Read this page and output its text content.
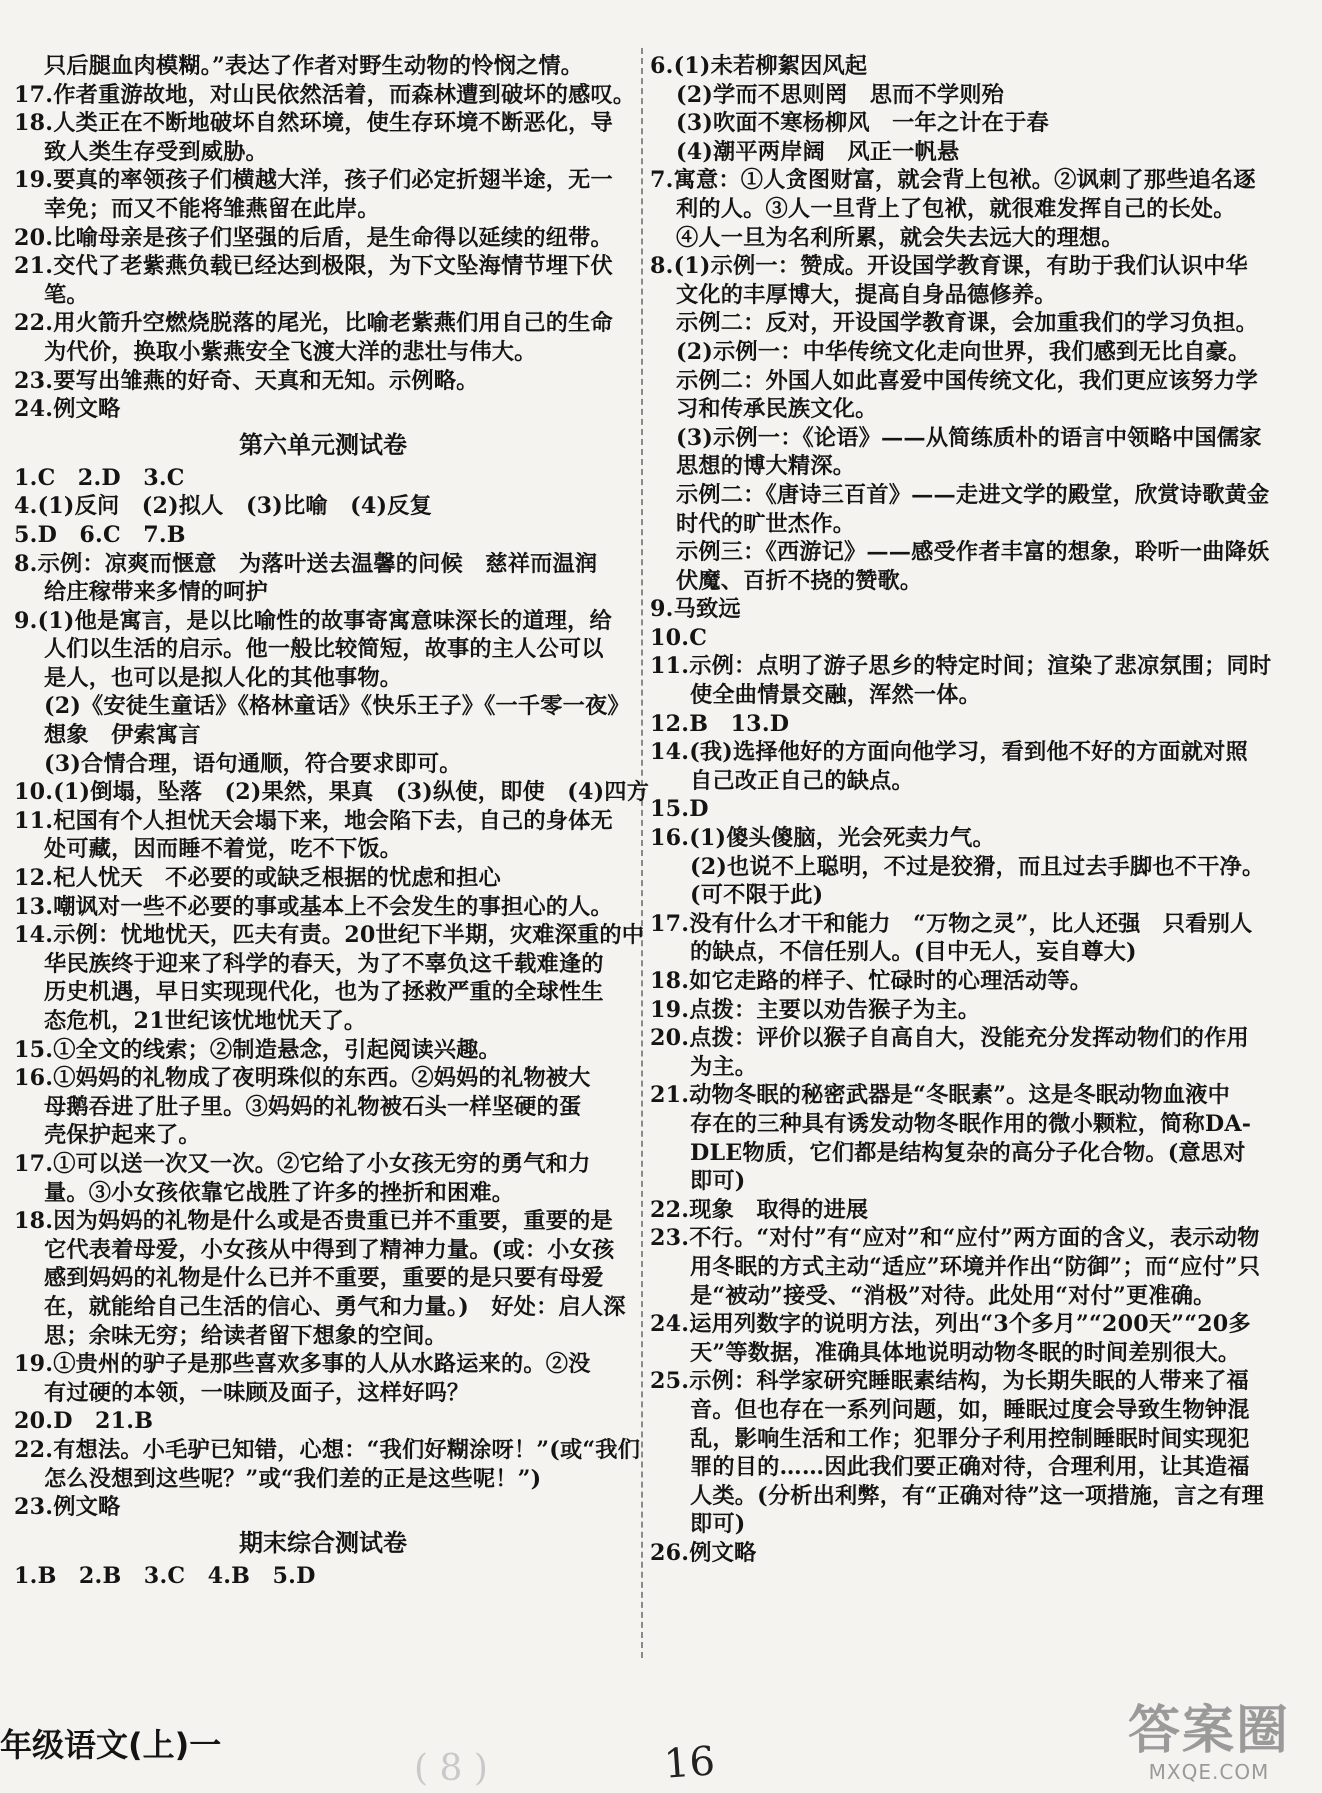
只后腿血肉模糊。”表达了作者对野生动物的怜悯之情。
17.作者重游故地，对山民依然活着，而森林遭到破坏的感叹。
18.人类正在不断地破坏自然环境，使生存环境不断恶化，导
致人类生存受到威胁。
19.要真的率领孩子们横越大洋，孩子们必定折翅半途，无一
幸免；而又不能将雏燕留在此岸。
20.比喻母亲是孩子们坚强的后盾，是生命得以延续的纽带。
21.交代了老紫燕负载已经达到极限，为下文坠海情节埋下伏
笔。
22.用火箭升空燃烧脱落的尾光，比喻老紫燕们用自己的生命
为代价，换取小紫燕安全飞渡大洋的悲壮与伟大。
23.要写出雏燕的好奇、天真和无知。示例略。
24.例文略
第六单元测试卷
1.C　2.D　3.C
4.(1)反问　(2)拟人　(3)比喻　(4)反复
5.D　6.C　7.B
8.示例：凉爽而惬意　为落叶送去温馨的问候　慈祥而温润
给庄稼带来多情的呵护
9.(1)他是寓言，是以比喻性的故事寄寓意味深长的道理，给
人们以生活的启示。他一般比较简短，故事的主人公可以
是人，也可以是拟人化的其他事物。
(2)《安徒生童话》《格林童话》《快乐王子》《一千零一夜》
想象　伊索寓言
(3)合情合理，语句通顺，符合要求即可。
10.(1)倒塌，坠落　(2)果然，果真　(3)纵使，即使　(4)四方
11.杞国有个人担忧天会塌下来，地会陷下去，自己的身体无
处可藏，因而睡不着觉，吃不下饭。
12.杞人忧天　不必要的或缺乏根据的忧虑和担心
13.嘲讽对一些不必要的事或基本上不会发生的事担心的人。
14.示例：忧地忧天，匹夫有责。20世纪下半期，灾难深重的中
华民族终于迎来了科学的春天，为了不辜负这千载难逢的
历史机遇，早日实现现代化，也为了拯救严重的全球性生
态危机，21世纪该忧地忧天了。
15.①全文的线索；②制造悬念，引起阅读兴趣。
16.①妈妈的礼物成了夜明珠似的东西。②妈妈的礼物被大
母鹅吞进了肚子里。③妈妈的礼物被石头一样坚硬的蛋
壳保护起来了。
17.①可以送一次又一次。②它给了小女孩无穷的勇气和力
量。③小女孩依靠它战胜了许多的挫折和困难。
18.因为妈妈的礼物是什么或是否贵重已并不重要，重要的是
它代表着母爱，小女孩从中得到了精神力量。(或：小女孩
感到妈妈的礼物是什么已并不重要，重要的是只要有母爱
在，就能给自己生活的信心、勇气和力量。)　好处：启人深
思；余味无穷；给读者留下想象的空间。
19.①贵州的驴子是那些喜欢多事的人从水路运来的。②没
有过硬的本领，一味顾及面子，这样好吗？
20.D　21.B
22.有想法。小毛驴已知错，心想：“我们好糊涂呀！”(或“我们
怎么没想到这些呢？”或“我们差的正是这些呢！”)
23.例文略
期末综合测试卷
1.B　2.B　3.C　4.B　5.D
6.(1)未若柳絮因风起
(2)学而不思则罔　思而不学则殆
(3)吹面不寒杨柳风　一年之计在于春
(4)潮平两岸阔　风正一帆悬
7.寓意：①人贪图财富，就会背上包袱。②讽刺了那些追名逐
利的人。③人一旦背上了包袱，就很难发挥自己的长处。
④人一旦为名利所累，就会失去远大的理想。
8.(1)示例一：赞成。开设国学教育课，有助于我们认识中华
文化的丰厚博大，提高自身品德修养。
示例二：反对，开设国学教育课，会加重我们的学习负担。
(2)示例一：中华传统文化走向世界，我们感到无比自豪。
示例二：外国人如此喜爱中国传统文化，我们更应该努力学
习和传承民族文化。
(3)示例一：《论语》——从简练质朴的语言中领略中国儒家
思想的博大精深。
示例二：《唐诗三百首》——走进文学的殿堂，欣赏诗歌黄金
时代的旷世杰作。
示例三：《西游记》——感受作者丰富的想象，聆听一曲降妖
伏魔、百折不挠的赞歌。
9.马致远
10.C
11.示例：点明了游子思乡的特定时间；渲染了悲凉氛围；同时
使全曲情景交融，浑然一体。
12.B　13.D
14.(我)选择他好的方面向他学习，看到他不好的方面就对照
自己改正自己的缺点。
15.D
16.(1)傻头傻脑，光会死卖力气。
(2)也说不上聪明，不过是狡猾，而且过去手脚也不干净。
(可不限于此)
17.没有什么才干和能力　“万物之灵”，比人还强　只看别人
的缺点，不信任别人。(目中无人，妄自尊大)
18.如它走路的样子、忙碌时的心理活动等。
19.点拨：主要以劝告猴子为主。
20.点拨：评价以猴子自高自大，没能充分发挥动物们的作用
为主。
21.动物冬眠的秘密武器是“冬眠素”。这是冬眠动物血液中
存在的三种具有诱发动物冬眠作用的微小颗粒，简称DA-
DLE物质，它们都是结构复杂的高分子化合物。(意思对
即可)
22.现象　取得的进展
23.不行。“对付”有“应对”和“应付”两方面的含义，表示动物
用冬眠的方式主动“适应”环境并作出“防御”；而“应付”只
是“被动”接受、“消极”对待。此处用“对付”更准确。
24.运用列数字的说明方法，列出“3个多月”“200天”“20多
天”等数据，准确具体地说明动物冬眠的时间差别很大。
25.示例：科学家研究睡眠素结构，为长期失眠的人带来了福
音。但也存在一系列问题，如，睡眠过度会导致生物钟混
乱，影响生活和工作；犯罪分子利用控制睡眠时间实现犯
罪的目的……因此我们要正确对待，合理利用，让其造福
人类。(分析出利弊，有“正确对待”这一项措施，言之有理
即可)
26.例文略
年级语文(上)一
( 8 )	16
答案圈
MXQE.COM
